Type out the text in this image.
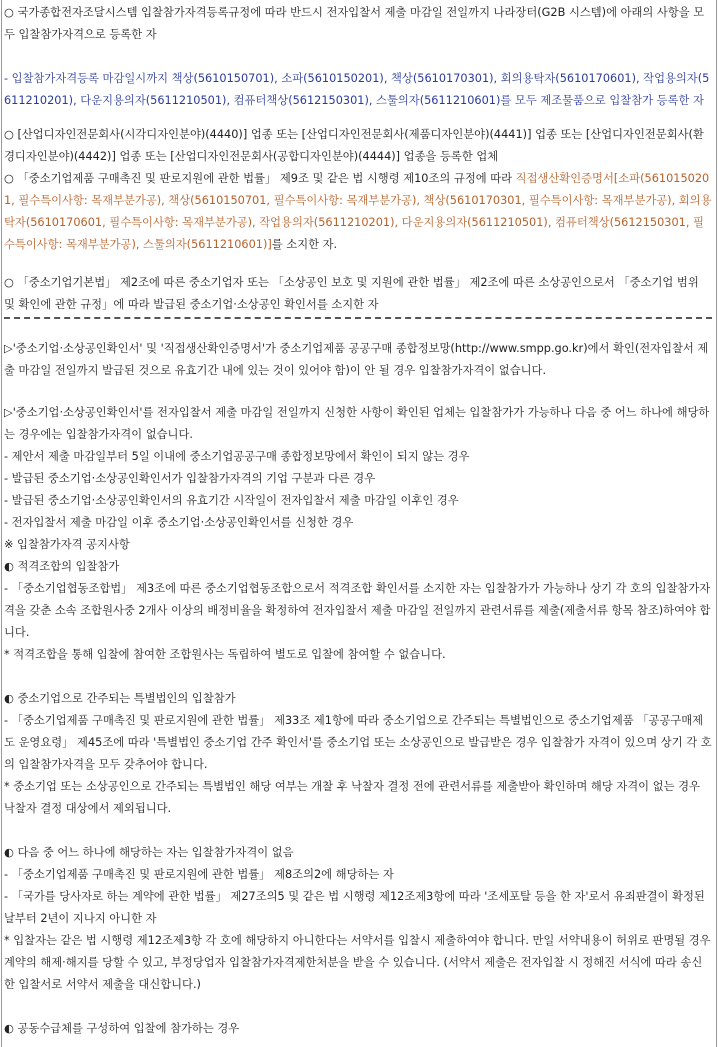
○ 국가종합전자조달시스템 입찰참가자격등록규정에 따라 반드시 전자입찰서 제출 마감일 전일까지 나라장터(G2B 시스템)에 아래의 사항을 모두 입찰참가자격으로 등록한 자

- 입찰참가자격등록 마감일시까지 책상(5610150701), 소파(5610150201), 책상(5610170301), 회의용탁자(5610170601), 작업용의자(5611210201), 다운지용의자(5611210501), 컴퓨터책상(5612150301), 스툴의자(5611210601)를 모두 제조물품으로 입찰참가 등록한 자

○ [산업디자인전문회사(시각디자인분야)(4440)] 업종 또는 [산업디자인전문회사(제품디자인분야)(4441)] 업종 또는 [산업디자인전문회사(환경디자인분야)(4442)] 업종 또는 [산업디자인전문회사(공합디자인분야)(4444)] 업종을 등록한 업체

○ 「중소기업제품 구매촉진 및 판로지원에 관한 법률」 제9조 및 같은 법 시행령 제10조의 규정에 따라 직접생산확인증명서[소파(5610150201, 필수특이사항: 목재부분가공), 책상(5610150701, 필수특이사항: 목재부분가공), 책상(5610170301, 필수특이사항: 목재부분가공), 회의용탁자(5610170601, 필수특이사항: 목재부분가공), 작업용의자(5611210201), 다운지용의자(5611210501), 컴퓨터책상(5612150301, 필수특이사항: 목재부분가공), 스툴의자(5611210601)]를 소지한 자.

○ 「중소기업기본법」 제2조에 따른 중소기업자 또는 「소상공인 보호 및 지원에 관한 법률」 제2조에 따른 소상공인으로서 「중소기업 범위 및 확인에 관한 규정」에 따라 발급된 중소기업·소상공인 확인서를 소지한 자

▷'중소기업·소상공인확인서' 및 '직접생산확인증명서'가 중소기업제품 공공구매 종합정보망(http://www.smpp.go.kr)에서 확인(전자입찰서 제출 마감일 전일까지 발급된 것으로 유효기간 내에 있는 것이 있어야 함)이 안 될 경우 입찰참가자격이 없습니다.

▷'중소기업·소상공인확인서'를 전자입찰서 제출 마감일 전일까지 신청한 사항이 확인된 업체는 입찰참가가 가능하나 다음 중 어느 하나에 해당하는 경우에는 입찰참가자격이 없습니다.

- 제안서 제출 마감일부터 5일 이내에 중소기업공공구매 종합정보망에서 확인이 되지 않는 경우

- 발급된 중소기업·소상공인확인서가 입찰참가자격의 기업 구분과 다른 경우

- 발급된 중소기업·소상공인확인서의 유효기간 시작일이 전자입찰서 제출 마감일 이후인 경우

- 전자입찰서 제출 마감일 이후 중소기업·소상공인확인서를 신청한 경우

※ 입찰참가자격 공지사항

◐ 적격조합의 입찰참가

- 「중소기업협동조합법」 제3조에 따른 중소기업협동조합으로서 적격조합 확인서를 소지한 자는 입찰참가가 가능하나 상기 각 호의 입찰참가자격을 갖춘 소속 조합원사중 2개사 이상의 배정비율을 확정하여 전자입찰서 제출 마감일 전일까지 관련서류를 제출(제출서류 항목 참조)하여야 합니다.

* 적격조합을 통해 입찰에 참여한 조합원사는 독립하여 별도로 입찰에 참여할 수 없습니다.

◐ 중소기업으로 간주되는 특별법인의 입찰참가

- 「중소기업제품 구매촉진 및 판로지원에 관한 법률」 제33조 제1항에 따라 중소기업으로 간주되는 특별법인으로 중소기업제품 「공공구매제도 운영요령」 제45조에 따라 '특별법인 중소기업 간주 확인서'를 중소기업 또는 소상공인으로 발급받은 경우 입찰참가 자격이 있으며 상기 각 호의 입찰참가자격을 모두 갖추어야 합니다.

* 중소기업 또는 소상공인으로 간주되는 특별법인 해당 여부는 개찰 후 낙찰자 결정 전에 관련서류를 제출받아 확인하며 해당 자격이 없는 경우 낙찰자 결정 대상에서 제외됩니다.

◐ 다음 중 어느 하나에 해당하는 자는 입찰참가자격이 없음

- 「중소기업제품 구매촉진 및 판로지원에 관한 법률」 제8조의2에 해당하는 자

- 「국가를 당사자로 하는 계약에 관한 법률」 제27조의5 및 같은 법 시행령 제12조제3항에 따라 '조세포탈 등을 한 자'로서 유죄판결이 확정된 날부터 2년이 지나지 아니한 자

* 입찰자는 같은 법 시행령 제12조제3항 각 호에 해당하지 아니한다는 서약서를 입찰시 제출하여야 합니다. 만일 서약내용이 허위로 판명될 경우 계약의 해제·해지를 당할 수 있고, 부정당업자 입찰참가자격제한처분을 받을 수 있습니다. (서약서 제출은 전자입찰 시 정해진 서식에 따라 송신한 입찰서로 서약서 제출을 대신합니다.)

◐ 공동수급체를 구성하여 입찰에 참가하는 경우
